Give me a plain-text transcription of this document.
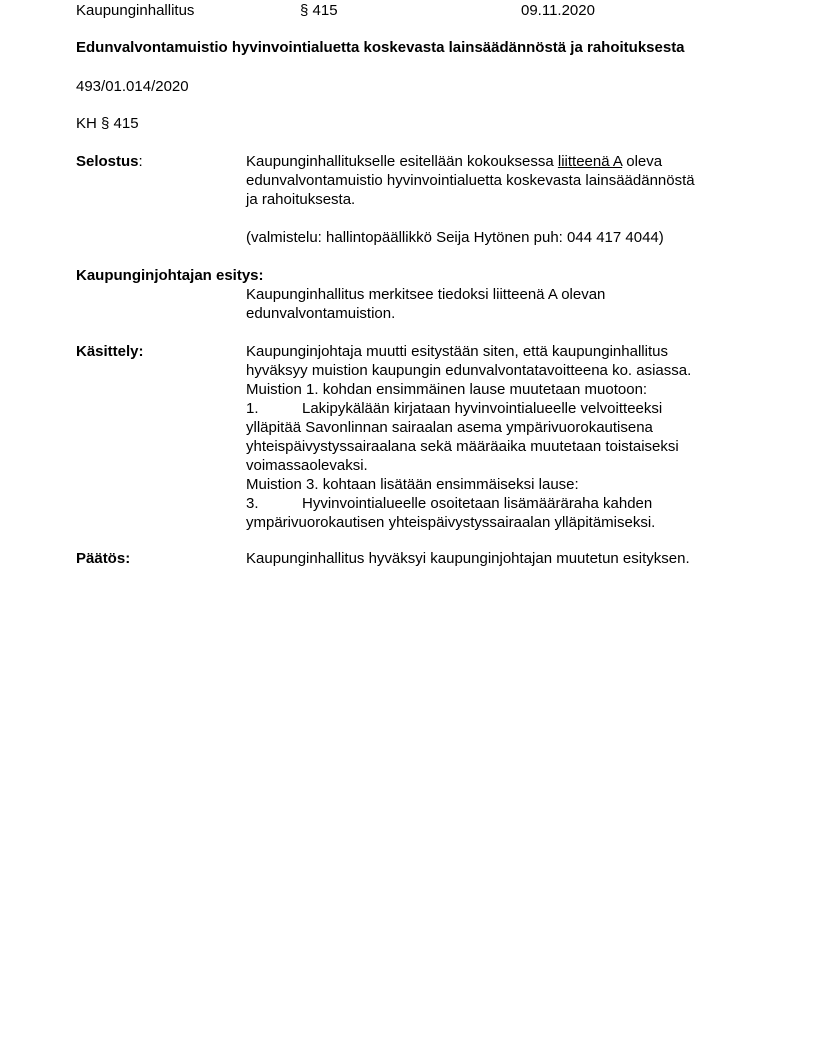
Kaupunginhallitus	§ 415	09.11.2020
Edunvalvontamuistio hyvinvointialuetta koskevasta lainsäädännöstä ja rahoituksesta
493/01.014/2020
KH § 415
Selostus:	Kaupunginhallitukselle esitellään kokouksessa liitteenä A oleva
edunvalvontamuistio hyvinvointialuetta koskevasta lainsäädännöstä
ja rahoituksesta.
(valmistelu: hallintopäällikkö Seija Hytönen puh: 044 417 4044)
Kaupunginjohtajan esitys:
Kaupunginhallitus merkitsee tiedoksi liitteenä A olevan
edunvalvontamuistion.
Käsittely:	Kaupunginjohtaja muutti esitystään siten, että kaupunginhallitus
hyväksyy muistion kaupungin edunvalvontatavoitteena ko. asiassa.
Muistion 1. kohdan ensimmäinen lause muutetaan muotoon:
1.	Lakipykälään kirjataan hyvinvointialueelle velvoitteeksi
ylläpitää Savonlinnan sairaalan asema ympärivuorokautisena
yhteispäivystyssairaalana sekä määräaika muutetaan toistaiseksi
voimassaolevaksi.
Muistion 3. kohtaan lisätään ensimmäiseksi lause:
3.	Hyvinvointialueelle osoitetaan lisämääräraha kahden
ympärivuorokautisen yhteispäivystyssairaalan ylläpitämiseksi.
Päätös:	Kaupunginhallitus hyväksyi kaupunginjohtajan muutetun esityksen.
